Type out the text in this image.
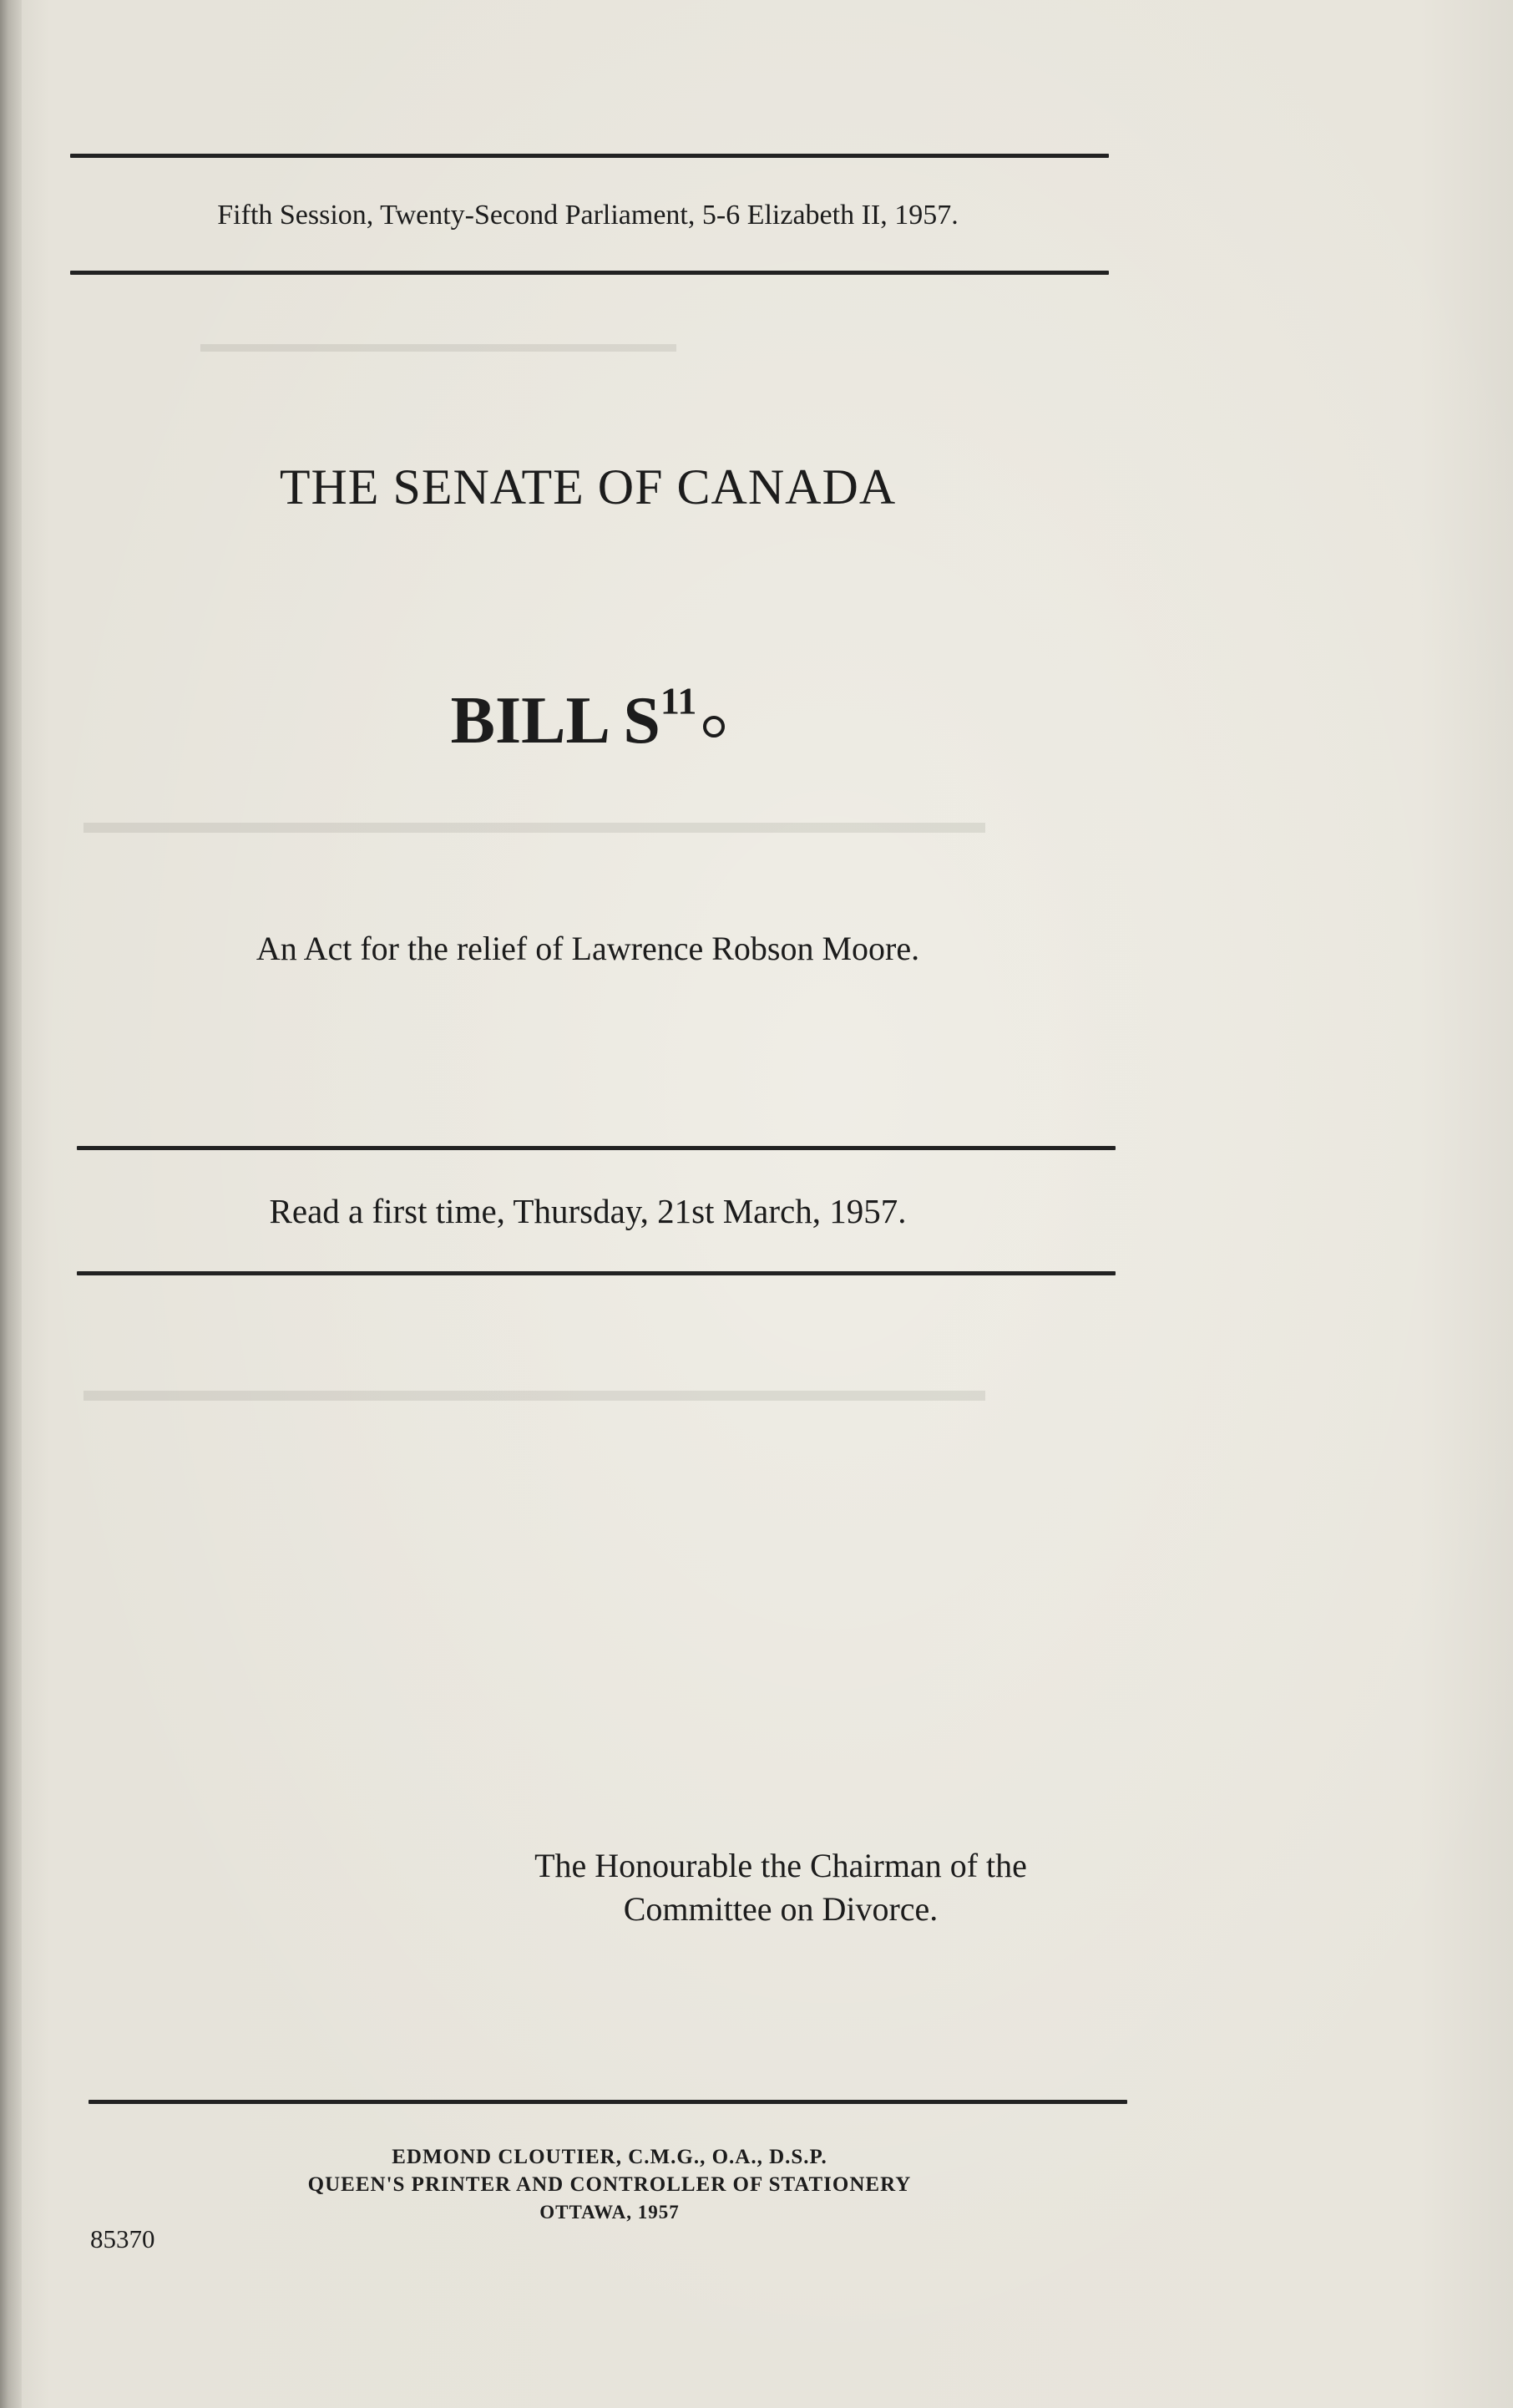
▬▬▬▬▬▬▬▬▬▬▬▬▬▬▬▬▬▬▬
▬▬▬▬▬▬▬▬▬▬▬▬▬▬▬▬▬▬▬▬▬▬▬▬▬▬▬
▬▬▬▬▬▬▬▬▬▬▬▬▬▬▬▬▬▬▬▬▬▬▬▬▬▬▬
Fifth Session, Twenty-Second Parliament, 5-6 Elizabeth II, 1957.
THE SENATE OF CANADA
BILL $S^{11}$
An Act for the relief of Lawrence Robson Moore.
Read a first time, Thursday, 21st March, 1957.
The Honourable the Chairman of the
Committee on Divorce.
EDMOND CLOUTIER, C.M.G., O.A., D.S.P.
QUEEN'S PRINTER AND CONTROLLER OF STATIONERY
OTTAWA, 1957
85370
